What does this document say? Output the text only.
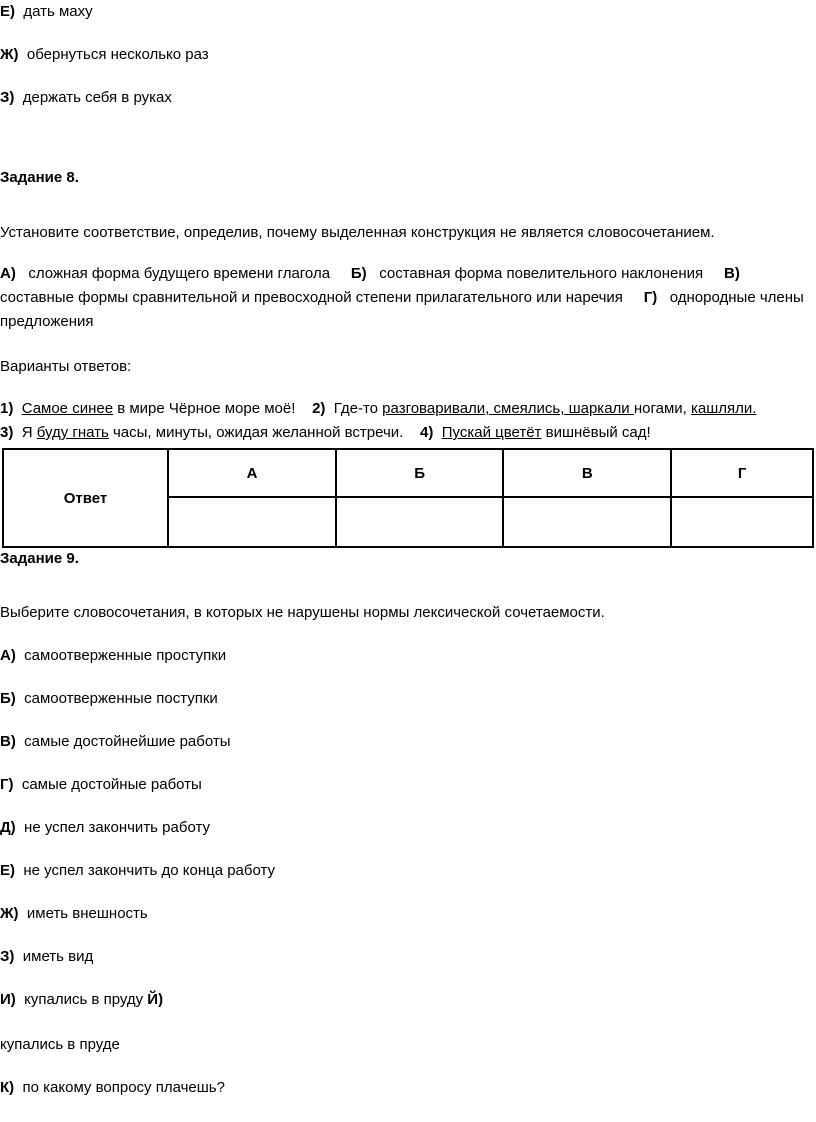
Е) дать маху
Ж) обернуться несколько раз
З) держать себя в руках
Задание 8.
Установите соответствие, определив, почему выделенная конструкция не является словосочетанием.
А) сложная форма будущего времени глагола Б) составная форма повелительного наклонения В) составные формы сравнительной и превосходной степени прилагательного или наречия Г) однородные члены предложения
Варианты ответов:
1) Самое синее в мире Чёрное море моё! 2) Где-то разговаривали, смеялись, шаркали ногами, кашляли.
3) Я буду гнать часы, минуты, ожидая желанной встречи. 4) Пускай цветёт вишнёвый сад!
Ответ	А	Б	В	Г

Задание 9.
Выберите словосочетания, в которых не нарушены нормы лексической сочетаемости.
А) самоотверженные проступки
Б) самоотверженные поступки
В) самые достойнейшие работы
Г) самые достойные работы
Д) не успел закончить работу
Е) не успел закончить до конца работу
Ж) иметь внешность
З) иметь вид
И) купались в пруду Й)
купались в пруде
К) по какому вопросу плачешь?
